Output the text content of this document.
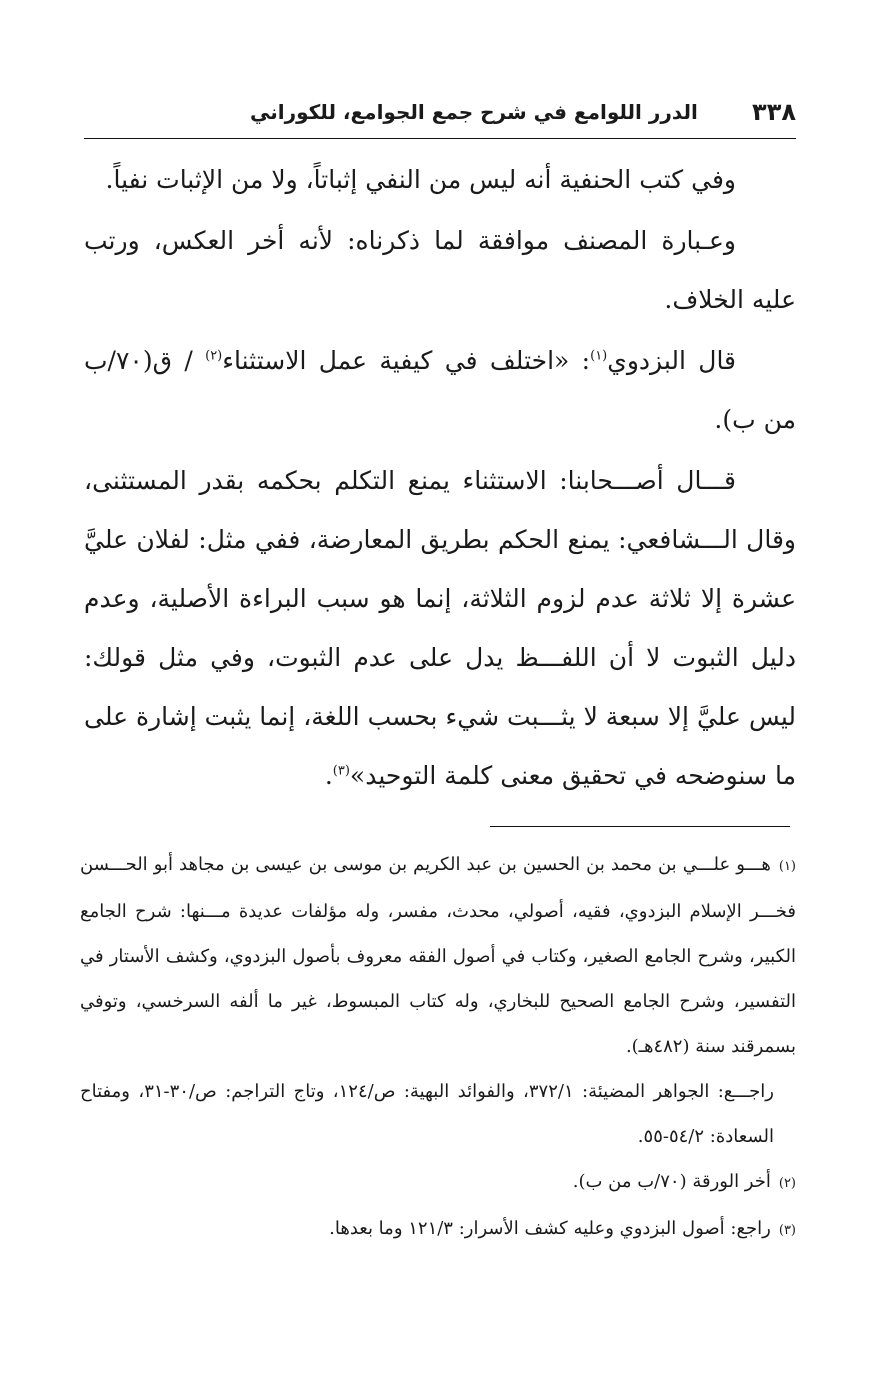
٣٣٨
الدرر اللوامع في شرح جمع الجوامع، للكوراني

وفي كتب الحنفية أنه ليس من النفي إثباتاً، ولا من الإثبات نفياً.

وعـبارة المصنف موافقة لما ذكرناه: لأنه أخر العكس، ورتب عليه الخلاف.

قال البزدوي$^{(١)}$: «اختلف في كيفية عمل الاستثناء$^{(٢)}$ / ق(٧٠/ب من ب).

قـــال أصـــحابنا: الاستثناء يمنع التكلم بحكمه بقدر المستثنى، وقال الـــشافعي: يمنع الحكم بطريق المعارضة، ففي مثل: لفلان عليَّ عشرة إلا ثلاثة عدم لزوم الثلاثة، إنما هو سبب البراءة الأصلية، وعدم دليل الثبوت لا أن اللفـــظ يدل على عدم الثبوت، وفي مثل قولك: ليس عليَّ إلا سبعة لا يثـــبت شيء بحسب اللغة، إنما يثبت إشارة على ما سنوضحه في تحقيق معنى كلمة التوحيد»$^{(٣)}$.

(١)هـــو علـــي بن محمد بن الحسين بن عبد الكريم بن موسى بن عيسى بن مجاهد أبو الحـــسن فخـــر الإسلام البزدوي، فقيه، أصولي، محدث، مفسر، وله مؤلفات عديدة مـــنها: شرح الجامع الكبير، وشرح الجامع الصغير، وكتاب في أصول الفقه معروف بأصول البزدوي، وكشف الأستار في التفسير، وشرح الجامع الصحيح للبخاري، وله كتاب المبسوط، غير ما ألفه السرخسي، وتوفي بسمرقند سنة (٤٨٢هـ).

راجـــع: الجواهر المضيئة: ٣٧٢/١، والفوائد البهية: ص/١٢٤، وتاج التراجم: ص/٣٠-٣١، ومفتاح السعادة: ٥٤/٢-٥٥.

(٢)أخر الورقة (٧٠/ب من ب).

(٣)راجع: أصول البزدوي وعليه كشف الأسرار: ١٢١/٣ وما بعدها.
